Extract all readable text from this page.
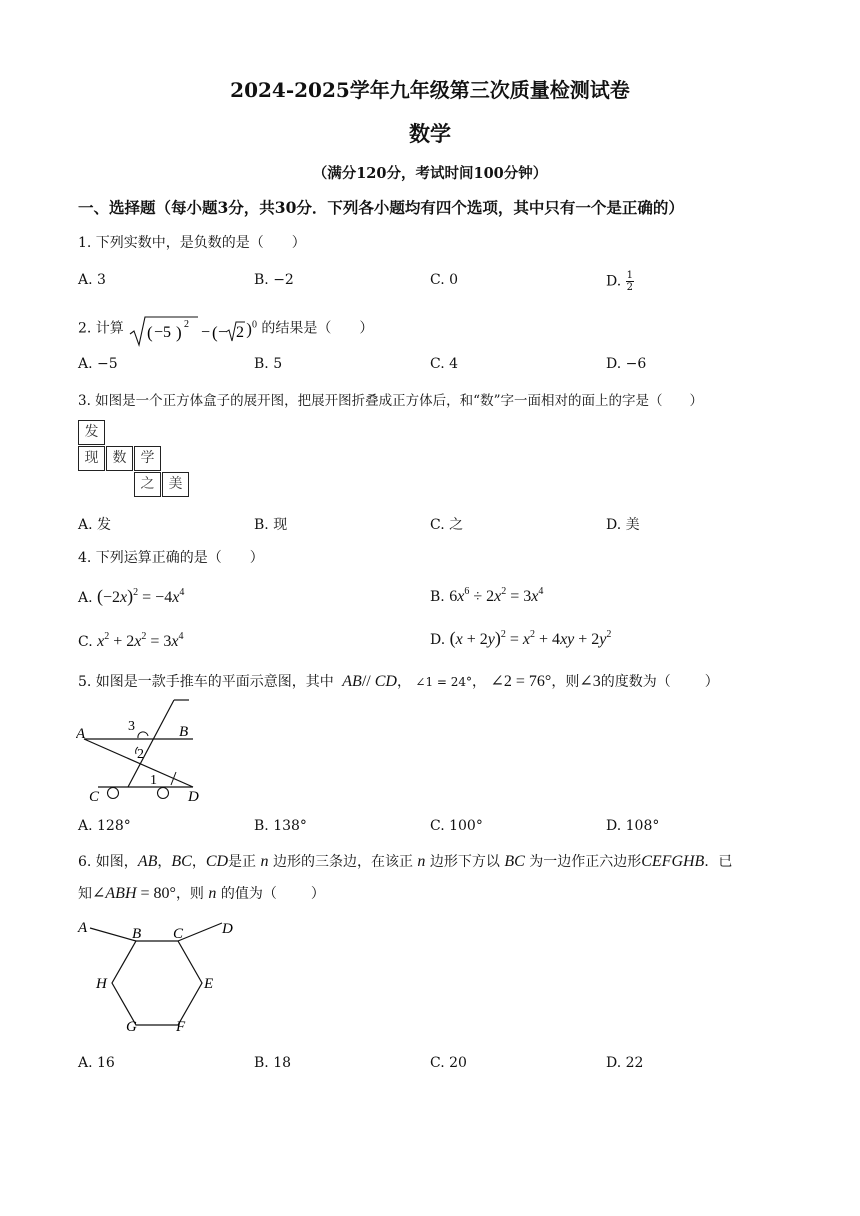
2024-2025学年九年级第三次质量检测试卷
数学
（满分120分，考试时间100分钟）
一、选择题（每小题3分，共30分．下列各小题均有四个选项，其中只有一个是正确的）
1. 下列实数中，是负数的是（　　）
A. 3	B. −2	C. 0	D. $\frac{1}{2}$
2. 计算 ( −5 ) 2 − ( − 2 )$^0$ 的结果是（　　）
A. −5	B. 5	C. 4	D. −6
3. 如图是一个正方体盒子的展开图，把展开图折叠成正方体后，和“数”字一面相对的面上的字是（　　）
发
现	数	学
之	美
A. 发	B. 现	C. 之	D. 美
4. 下列运算正确的是（　　）
A. $(-2x)^2 = -4x^4$	B. $6x^6 \div 2x^2 = 3x^4$
C. $x^2 + 2x^2 = 3x^4$	D. $(x + 2y)^2 = x^2 + 4xy + 2y^2$
5. 如图是一款手推车的平面示意图，其中 AB// CD， ∠1 = 24°， ∠2 = 76°，则∠3的度数为（ ）
A	B
C	D
1
2
3
A. 128°	B. 138°	C. 100°	D. 108°
6. 如图，AB，BC，CD是正 n 边形的三条边，在该正 n 边形下方以 BC 为一边作正六边形CEFGHB．已
知∠ABH = 80°，则 n 的值为（ ）
A	B C	D
E
F
G
H
A. 16	B. 18	C. 20	D. 22
